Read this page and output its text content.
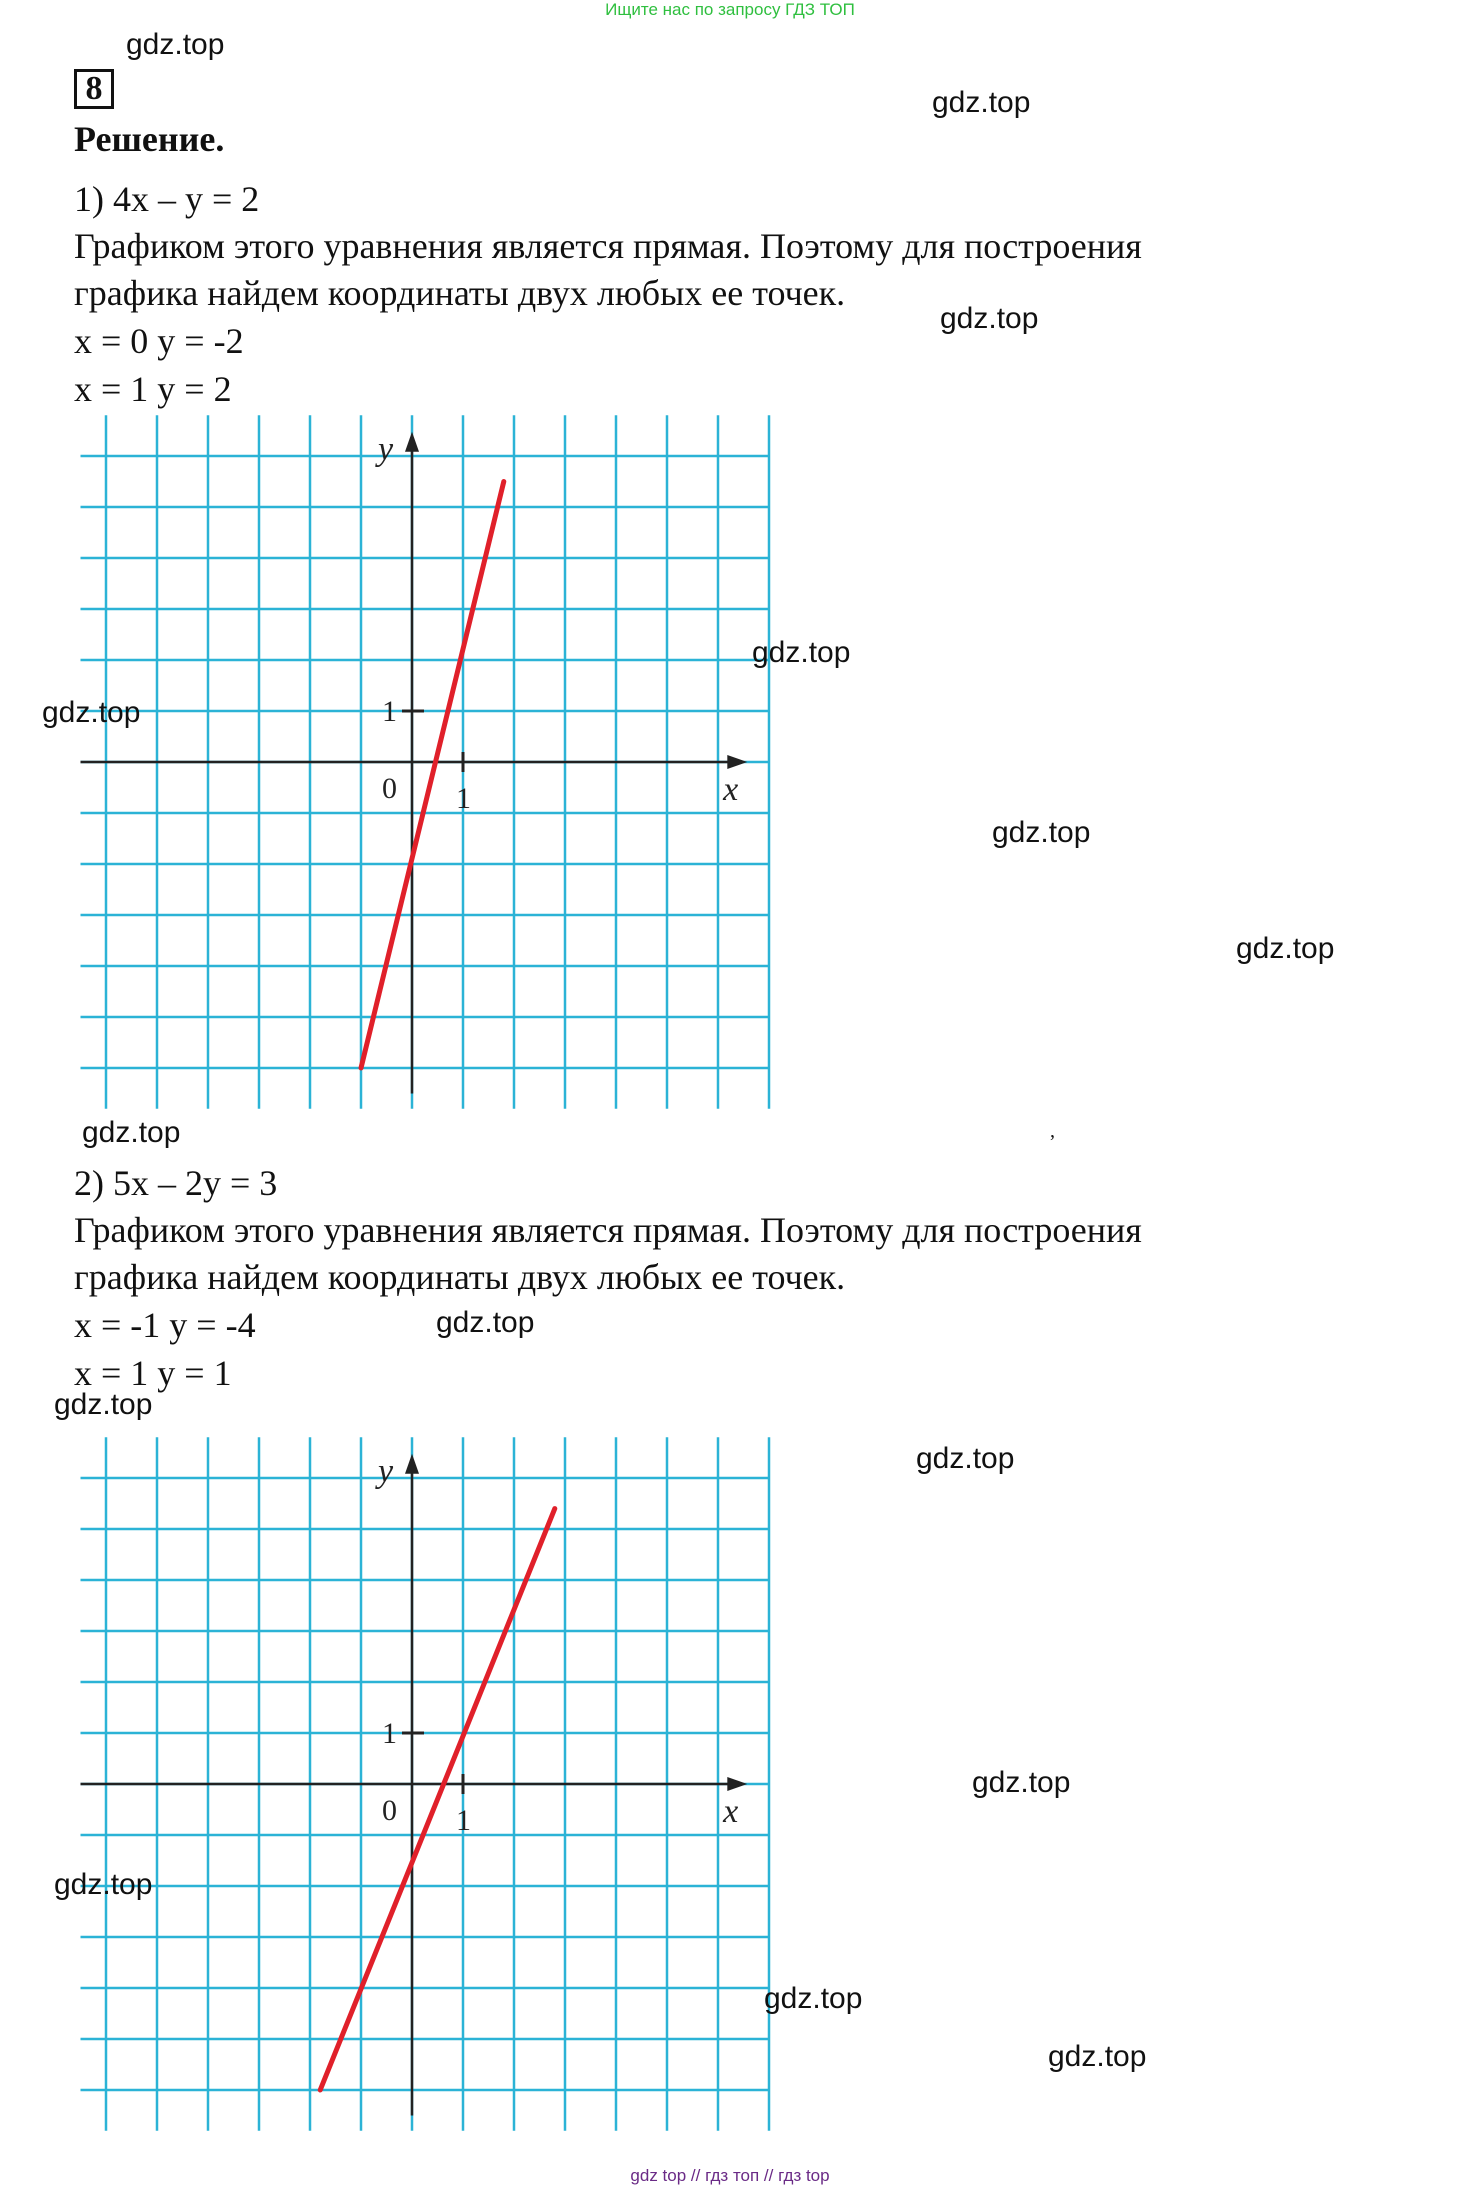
Ищите нас по запросу ГДЗ ТОП
8
Решение.
1) 4x – y = 2
Графиком этого уравнения является прямая. Поэтому для построения
графика найдем координаты двух любых ее точек.
x = 0 y = -2
x = 1 y = 2
0 1
1
x
y
2) 5x – 2y = 3
Графиком этого уравнения является прямая. Поэтому для построения
графика найдем координаты двух любых ее точек.
x = -1 y = -4
x = 1 y = 1
0 1
1
x
y
gdz.top
gdz.top
gdz.top
gdz.top
gdz.top
gdz.top
gdz.top
gdz.top
gdz.top
gdz.top
gdz.top
gdz.top
gdz.top
gdz.top
gdz.top
,
gdz top // гдз топ // гдз top
